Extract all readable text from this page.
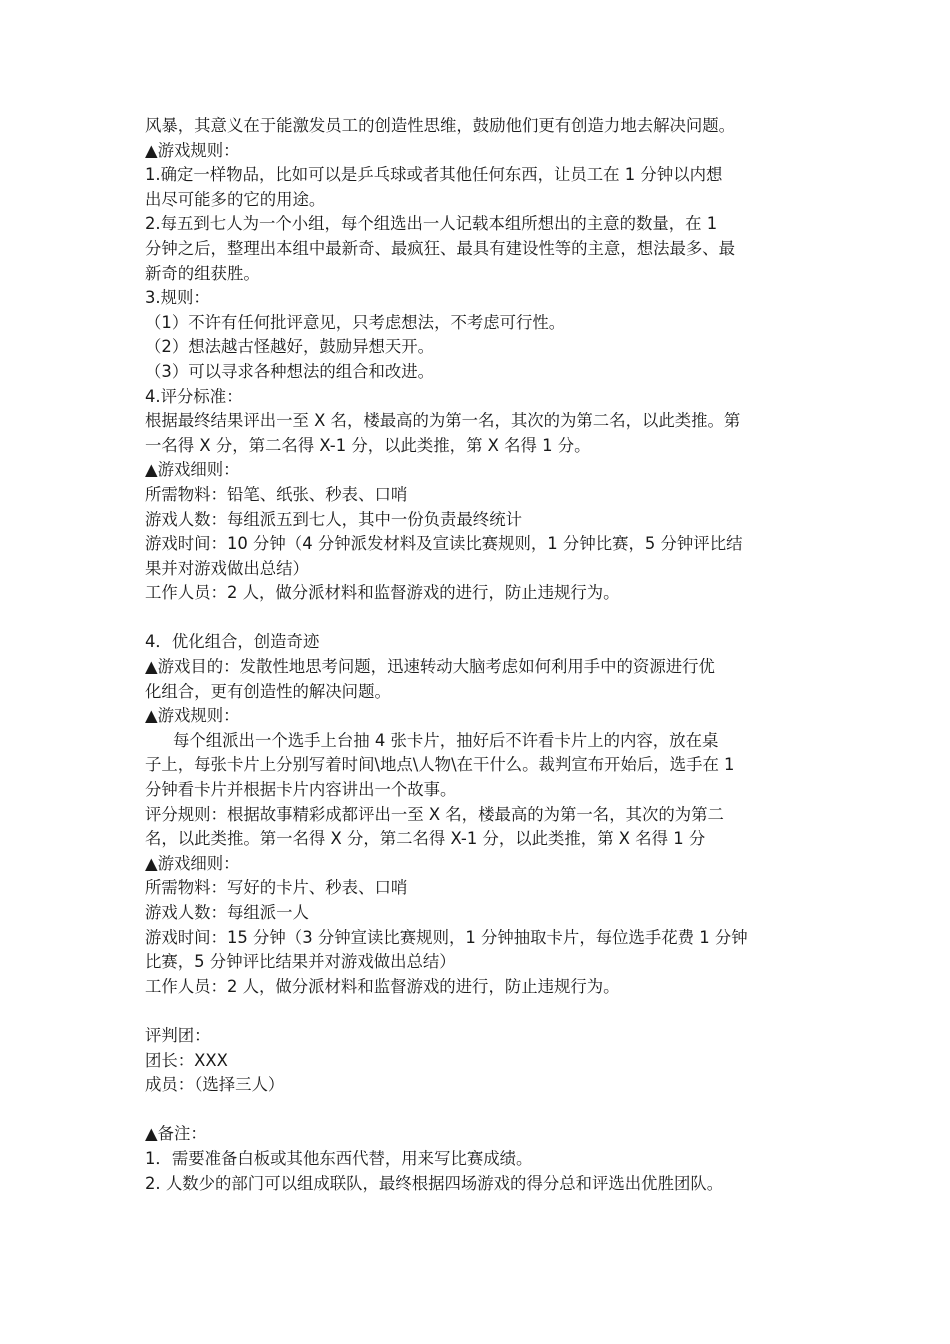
风暴，其意义在于能激发员工的创造性思维，鼓励他们更有创造力地去解决问题。
▲游戏规则：
1.确定一样物品，比如可以是乒乓球或者其他任何东西，让员工在 1 分钟以内想
出尽可能多的它的用途。
2.每五到七人为一个小组，每个组选出一人记载本组所想出的主意的数量，在 1
分钟之后，整理出本组中最新奇、最疯狂、最具有建设性等的主意，想法最多、最
新奇的组获胜。
3.规则：
（1）不许有任何批评意见，只考虑想法，不考虑可行性。
（2）想法越古怪越好，鼓励异想天开。
（3）可以寻求各种想法的组合和改进。
4.评分标准：
根据最终结果评出一至 X 名，楼最高的为第一名，其次的为第二名，以此类推。第
一名得 X 分，第二名得 X-1 分，以此类推，第 X 名得 1 分。
▲游戏细则：
所需物料：铅笔、纸张、秒表、口哨
游戏人数：每组派五到七人，其中一份负责最终统计
游戏时间：10 分钟（4 分钟派发材料及宣读比赛规则，1 分钟比赛，5 分钟评比结
果并对游戏做出总结）
工作人员：2 人，做分派材料和监督游戏的进行，防止违规行为。
4．优化组合，创造奇迹
▲游戏目的：发散性地思考问题，迅速转动大脑考虑如何利用手中的资源进行优
化组合，更有创造性的解决问题。
▲游戏规则：
每个组派出一个选手上台抽 4 张卡片，抽好后不许看卡片上的内容，放在桌
子上，每张卡片上分别写着时间\地点\人物\在干什么。裁判宣布开始后，选手在 1
分钟看卡片并根据卡片内容讲出一个故事。
评分规则：根据故事精彩成都评出一至 X 名，楼最高的为第一名，其次的为第二
名，以此类推。第一名得 X 分，第二名得 X-1 分，以此类推，第 X 名得 1 分
▲游戏细则：
所需物料：写好的卡片、秒表、口哨
游戏人数：每组派一人
游戏时间：15 分钟（3 分钟宣读比赛规则，1 分钟抽取卡片，每位选手花费 1 分钟
比赛，5 分钟评比结果并对游戏做出总结）
工作人员：2 人，做分派材料和监督游戏的进行，防止违规行为。
评判团：
团长：XXX
成员：（选择三人）
▲备注：
1．需要准备白板或其他东西代替，用来写比赛成绩。
2. 人数少的部门可以组成联队，最终根据四场游戏的得分总和评选出优胜团队。
